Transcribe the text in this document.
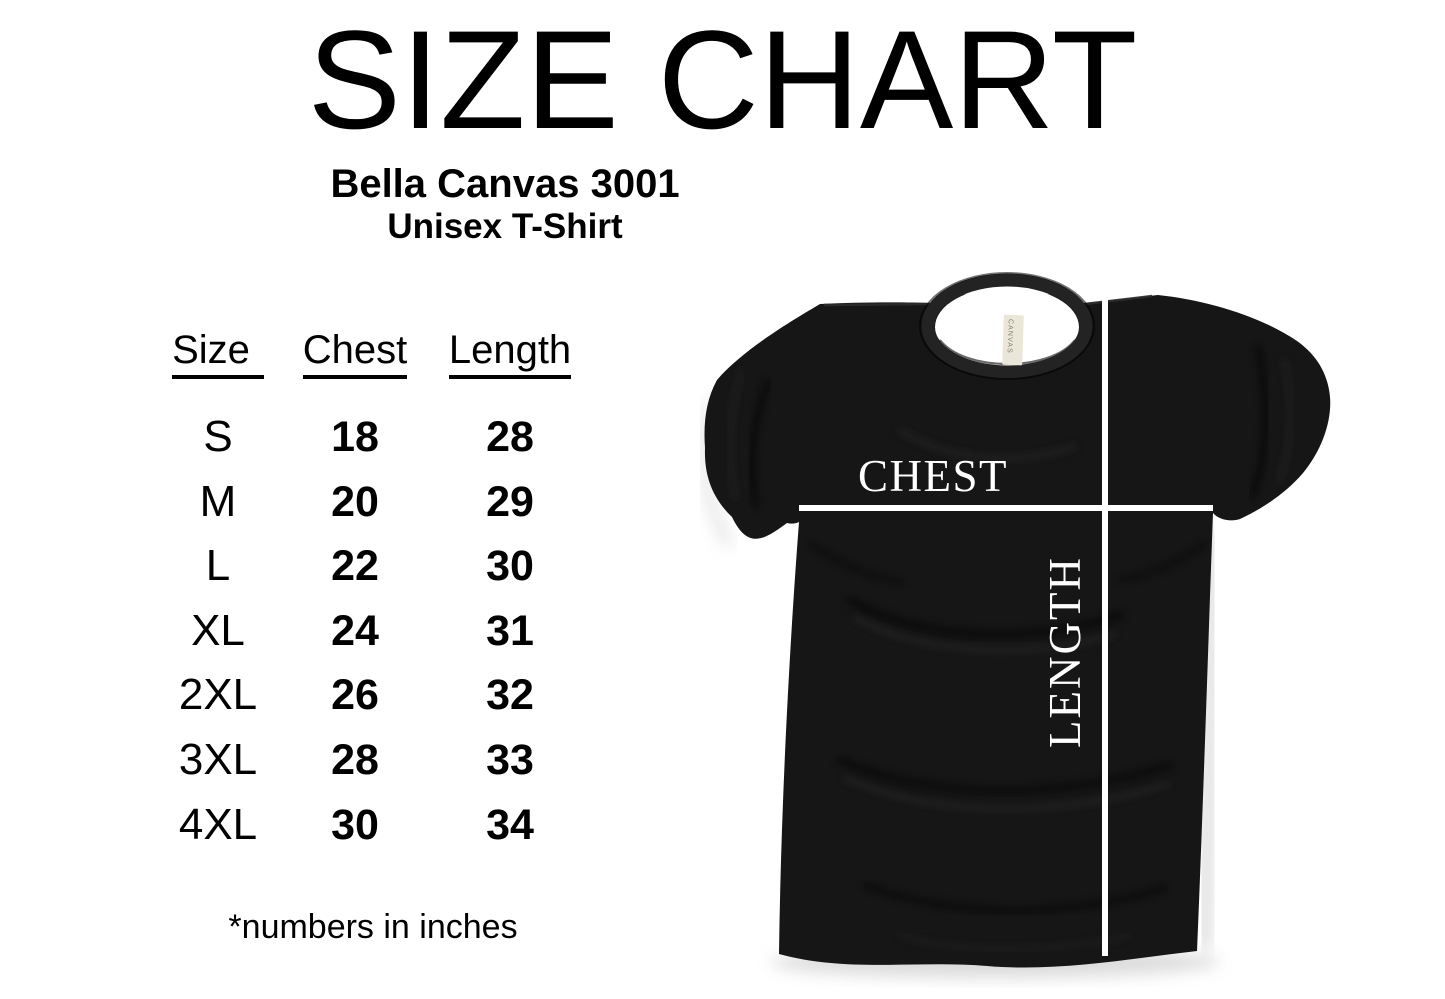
SIZE CHART
Bella Canvas 3001
Unisex T-Shirt
Size	Chest	Length
S	18	28
M	20	29
L	22	30
XL	24	31
2XL	26	32
3XL	28	33
4XL	30	34
*numbers in inches
CANVAS
CHEST
LENGTH
